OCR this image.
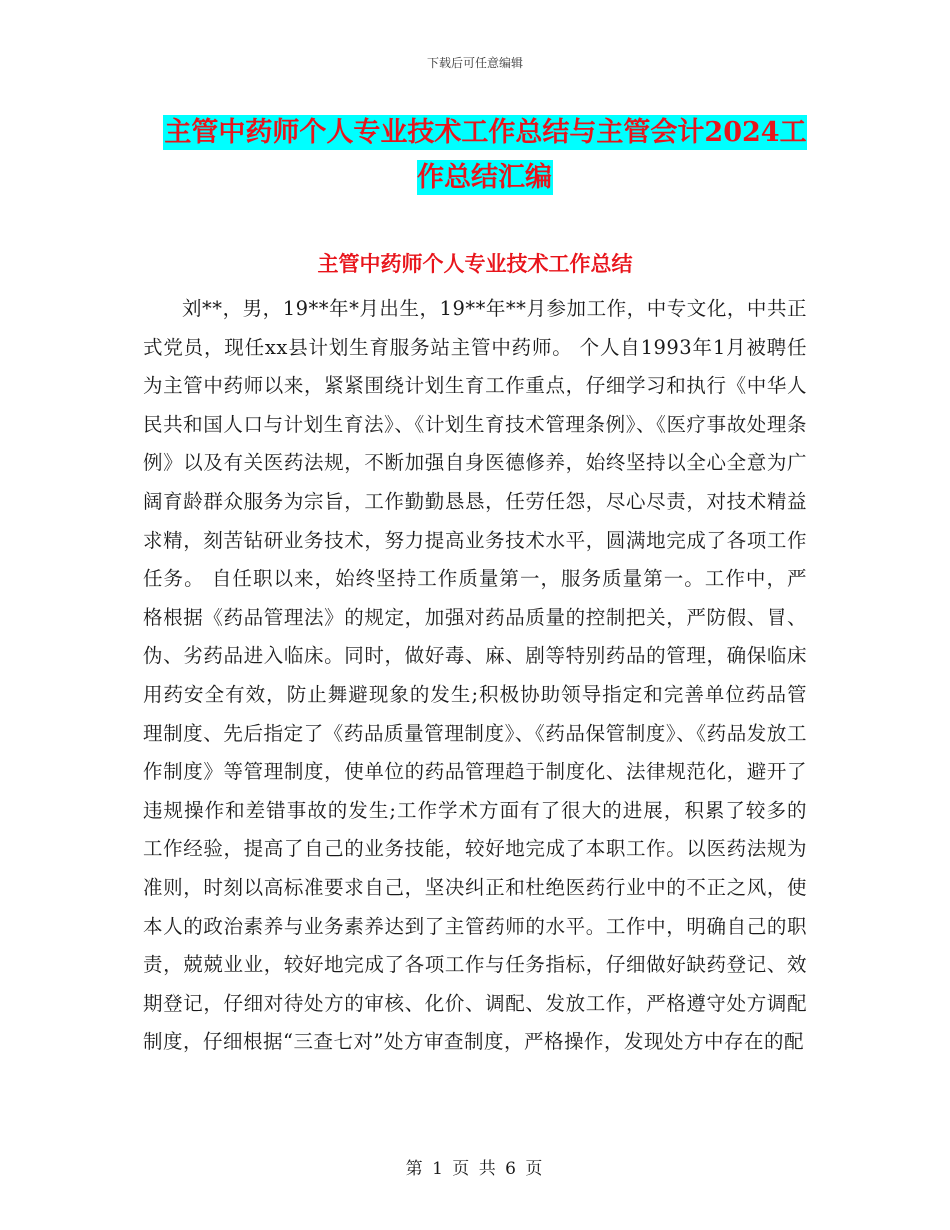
下载后可任意编辑
主管中药师个人专业技术工作总结与主管会计2024工作总结汇编
主管中药师个人专业技术工作总结

刘**，男，19**年*月出生，19**年**月参加工作，中专文化，中共正式党员，现任xx县计划生育服务站主管中药师。 个人自1993年1月被聘任为主管中药师以来，紧紧围绕计划生育工作重点，仔细学习和执行《中华人民共和国人口与计划生育法》、《计划生育技术管理条例》、《医疗事故处理条例》以及有关医药法规，不断加强自身医德修养，始终坚持以全心全意为广阔育龄群众服务为宗旨，工作勤勤恳恳，任劳任怨，尽心尽责，对技术精益求精，刻苦钻研业务技术，努力提高业务技术水平，圆满地完成了各项工作任务。 自任职以来，始终坚持工作质量第一，服务质量第一。工作中，严格根据《药品管理法》的规定，加强对药品质量的控制把关，严防假、冒、伪、劣药品进入临床。同时，做好毒、麻、剧等特别药品的管理，确保临床用药安全有效，防止舞避现象的发生;积极协助领导指定和完善单位药品管理制度、先后指定了《药品质量管理制度》、《药品保管制度》、《药品发放工作制度》等管理制度，使单位的药品管理趋于制度化、法律规范化，避开了违规操作和差错事故的发生;工作学术方面有了很大的进展，积累了较多的工作经验，提高了自己的业务技能，较好地完成了本职工作。以医药法规为准则，时刻以高标准要求自己，坚决纠正和杜绝医药行业中的不正之风，使本人的政治素养与业务素养达到了主管药师的水平。工作中，明确自己的职责，兢兢业业，较好地完成了各项工作与任务指标，仔细做好缺药登记、效期登记，仔细对待处方的审核、化价、调配、发放工作，严格遵守处方调配制度，仔细根据“三查七对”处方审查制度，严格操作，发现处方中存在的配

第 1 页 共 6 页
